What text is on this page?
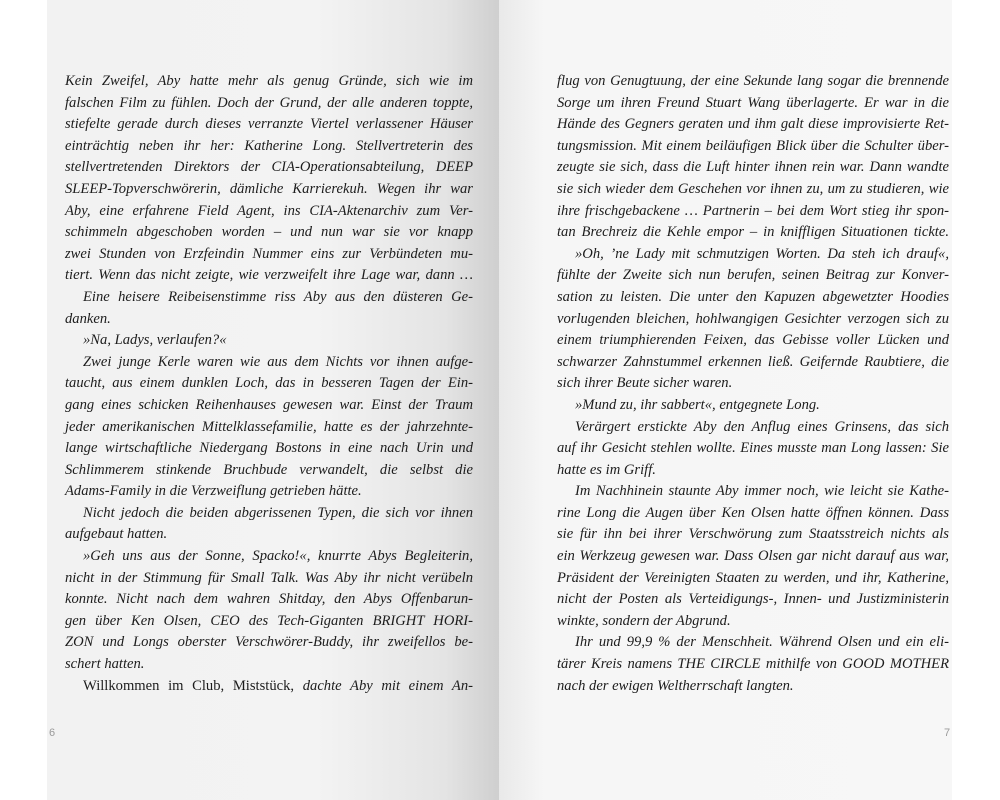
Kein Zweifel, Aby hatte mehr als genug Gründe, sich wie im
falschen Film zu fühlen. Doch der Grund, der alle anderen toppte,
stiefelte gerade durch dieses verranzte Viertel verlassener Häuser
einträchtig neben ihr her: Katherine Long. Stellvertreterin des
stellvertretenden Direktors der CIA-Operationsabteilung, DEEP
SLEEP-Topverschwörerin, dämliche Karrierekuh. Wegen ihr war
Aby, eine erfahrene Field Agent, ins CIA-Aktenarchiv zum Ver-
schimmeln abgeschoben worden – und nun war sie vor knapp
zwei Stunden von Erzfeindin Nummer eins zur Verbündeten mu-
tiert. Wenn das nicht zeigte, wie verzweifelt ihre Lage war, dann …
Eine heisere Reibeisenstimme riss Aby aus den düsteren Ge-
danken.
»Na, Ladys, verlaufen?«
Zwei junge Kerle waren wie aus dem Nichts vor ihnen aufge-
taucht, aus einem dunklen Loch, das in besseren Tagen der Ein-
gang eines schicken Reihenhauses gewesen war. Einst der Traum
jeder amerikanischen Mittelklassefamilie, hatte es der jahrzehnte-
lange wirtschaftliche Niedergang Bostons in eine nach Urin und
Schlimmerem stinkende Bruchbude verwandelt, die selbst die
Adams-Family in die Verzweiflung getrieben hätte.
Nicht jedoch die beiden abgerissenen Typen, die sich vor ihnen
aufgebaut hatten.
»Geh uns aus der Sonne, Spacko!«, knurrte Abys Begleiterin,
nicht in der Stimmung für Small Talk. Was Aby ihr nicht verübeln
konnte. Nicht nach dem wahren Shitday, den Abys Offenbarun-
gen über Ken Olsen, CEO des Tech-Giganten BRIGHT HORI-
ZON und Longs oberster Verschwörer-Buddy, ihr zweifellos be-
schert hatten.
Willkommen im Club, Miststück, dachte Aby mit einem An-
6
flug von Genugtuung, der eine Sekunde lang sogar die brennende
Sorge um ihren Freund Stuart Wang überlagerte. Er war in die
Hände des Gegners geraten und ihm galt diese improvisierte Ret-
tungsmission. Mit einem beiläufigen Blick über die Schulter über-
zeugte sie sich, dass die Luft hinter ihnen rein war. Dann wandte
sie sich wieder dem Geschehen vor ihnen zu, um zu studieren, wie
ihre frischgebackene … Partnerin – bei dem Wort stieg ihr spon-
tan Brechreiz die Kehle empor – in kniffligen Situationen tickte.
»Oh, ’ne Lady mit schmutzigen Worten. Da steh ich drauf«,
fühlte der Zweite sich nun berufen, seinen Beitrag zur Konver-
sation zu leisten. Die unter den Kapuzen abgewetzter Hoodies
vorlugenden bleichen, hohlwangigen Gesichter verzogen sich zu
einem triumphierenden Feixen, das Gebisse voller Lücken und
schwarzer Zahnstummel erkennen ließ. Geifernde Raubtiere, die
sich ihrer Beute sicher waren.
»Mund zu, ihr sabbert«, entgegnete Long.
Verärgert erstickte Aby den Anflug eines Grinsens, das sich
auf ihr Gesicht stehlen wollte. Eines musste man Long lassen: Sie
hatte es im Griff.
Im Nachhinein staunte Aby immer noch, wie leicht sie Kathe-
rine Long die Augen über Ken Olsen hatte öffnen können. Dass
sie für ihn bei ihrer Verschwörung zum Staatsstreich nichts als
ein Werkzeug gewesen war. Dass Olsen gar nicht darauf aus war,
Präsident der Vereinigten Staaten zu werden, und ihr, Katherine,
nicht der Posten als Verteidigungs-, Innen- und Justizministerin
winkte, sondern der Abgrund.
Ihr und 99,9 % der Menschheit. Während Olsen und ein eli-
tärer Kreis namens THE CIRCLE mithilfe von GOOD MOTHER
nach der ewigen Weltherrschaft langten.
7
